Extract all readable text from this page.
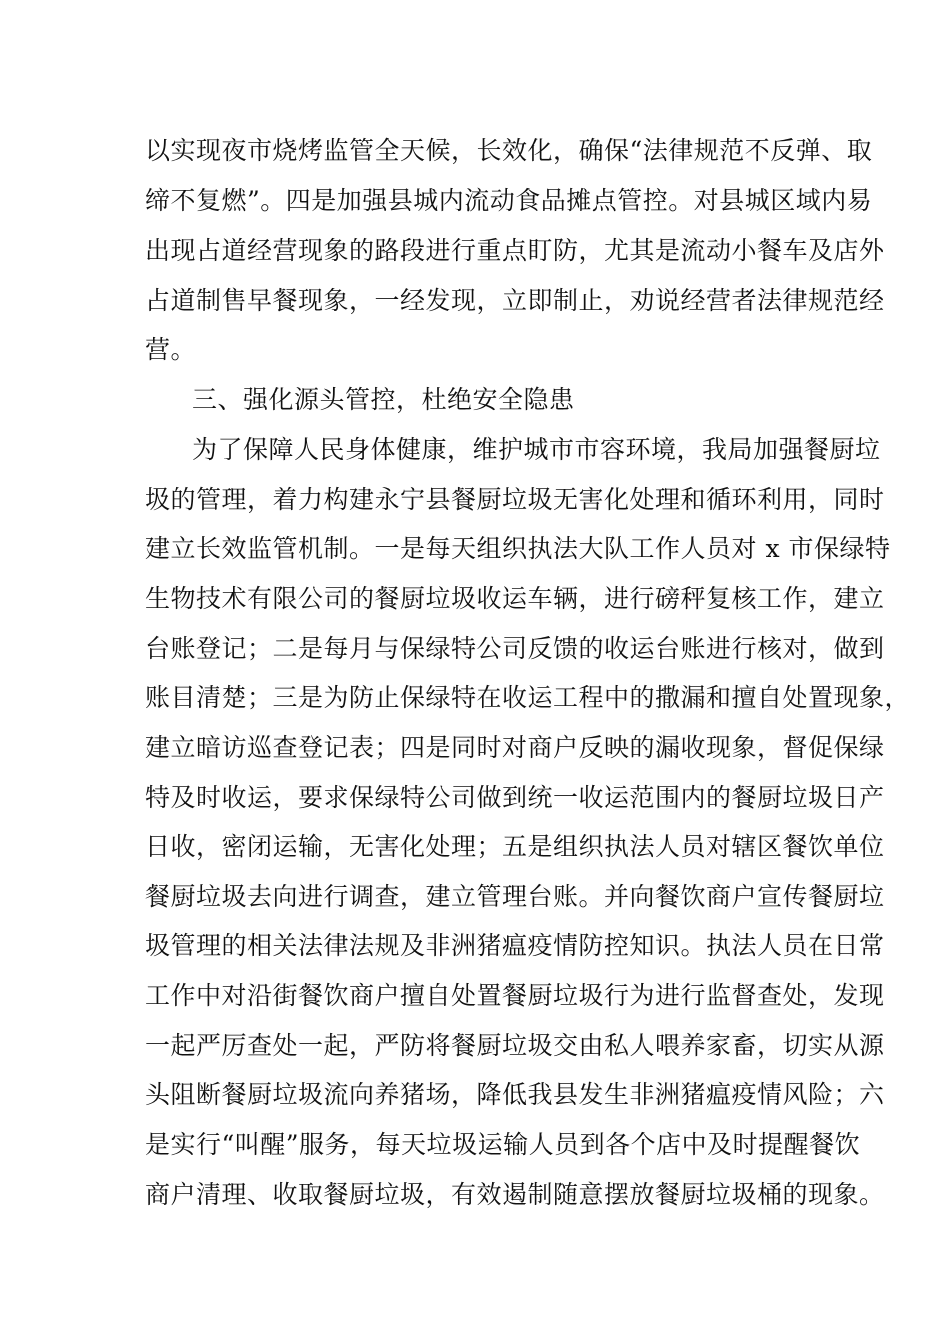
以实现夜市烧烤监管全天候，长效化，确保“法律规范不反弹、取

缔不复燃”。四是加强县城内流动食品摊点管控。对县城区域内易

出现占道经营现象的路段进行重点盯防，尤其是流动小餐车及店外

占道制售早餐现象，一经发现，立即制止，劝说经营者法律规范经

营。

三、强化源头管控，杜绝安全隐患

为了保障人民身体健康，维护城市市容环境，我局加强餐厨垃

圾的管理，着力构建永宁县餐厨垃圾无害化处理和循环利用，同时

建立长效监管机制。一是每天组织执法大队工作人员对 x 市保绿特

生物技术有限公司的餐厨垃圾收运车辆，进行磅秤复核工作，建立

台账登记；二是每月与保绿特公司反馈的收运台账进行核对，做到

账目清楚；三是为防止保绿特在收运工程中的撒漏和擅自处置现象，

建立暗访巡查登记表；四是同时对商户反映的漏收现象，督促保绿

特及时收运，要求保绿特公司做到统一收运范围内的餐厨垃圾日产

日收，密闭运输，无害化处理；五是组织执法人员对辖区餐饮单位

餐厨垃圾去向进行调查，建立管理台账。并向餐饮商户宣传餐厨垃

圾管理的相关法律法规及非洲猪瘟疫情防控知识。执法人员在日常

工作中对沿街餐饮商户擅自处置餐厨垃圾行为进行监督查处，发现

一起严厉查处一起，严防将餐厨垃圾交由私人喂养家畜，切实从源

头阻断餐厨垃圾流向养猪场，降低我县发生非洲猪瘟疫情风险；六

是实行“叫醒”服务，每天垃圾运输人员到各个店中及时提醒餐饮

商户清理、收取餐厨垃圾，有效遏制随意摆放餐厨垃圾桶的现象。
